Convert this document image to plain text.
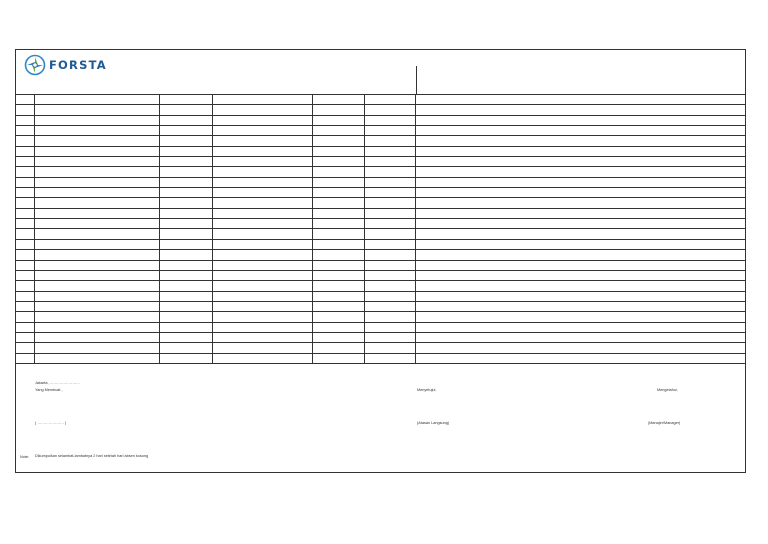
FORSTA

Jakarta, ……………………
Yang Membuat ,	Menyetujui,	Mengetahui,
( ………………… )	(Atasan Langsung)	(Manajer/Manager)
Note: Dikumpulkan selambat-lambatnya 2 hari setelah hari absen kosong
